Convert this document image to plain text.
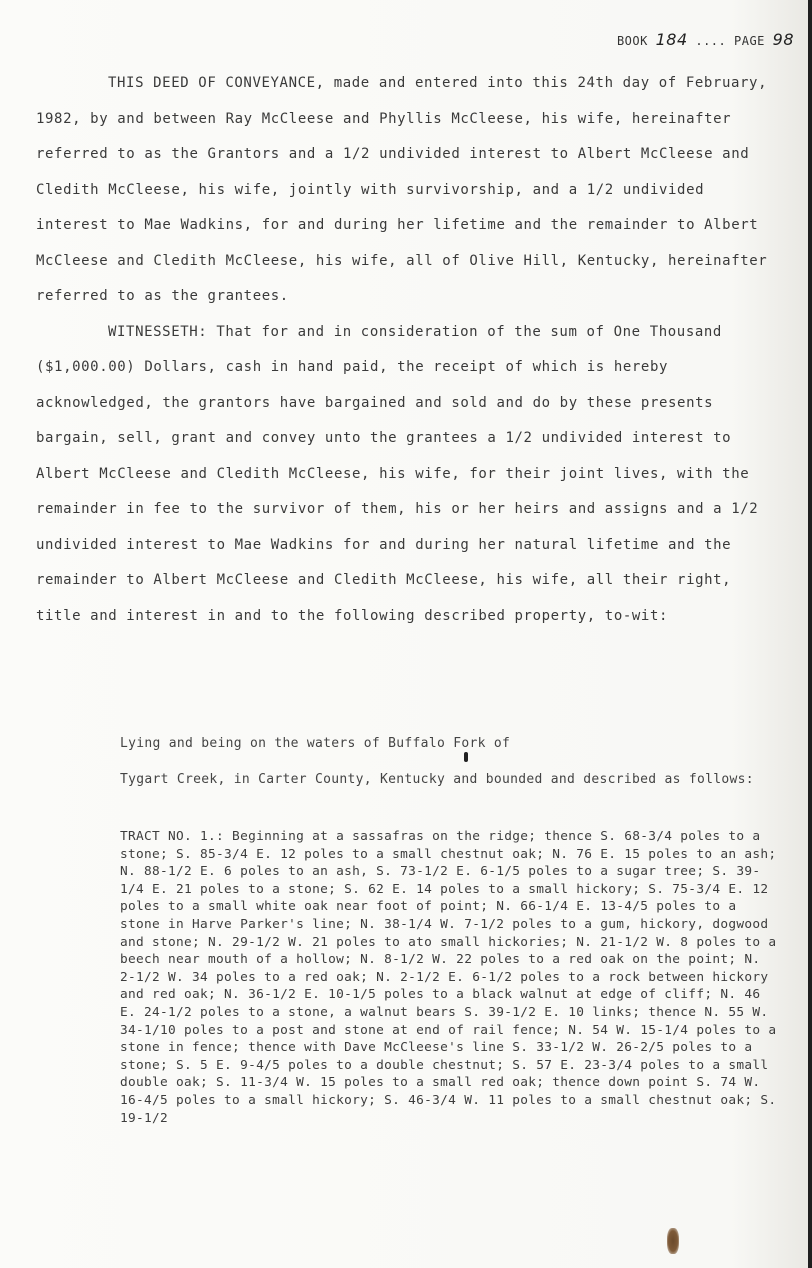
BOOK 184 .... PAGE 98

THIS DEED OF CONVEYANCE, made and entered into this 24th day of February, 1982, by and between Ray McCleese and Phyllis McCleese, his wife, hereinafter referred to as the Grantors and a 1/2 undivided interest to Albert McCleese and Cledith McCleese, his wife, jointly with survivorship, and a 1/2 undivided interest to Mae Wadkins, for and during her lifetime and the remainder to Albert McCleese and Cledith McCleese, his wife, all of Olive Hill, Kentucky, hereinafter referred to as the grantees.

WITNESSETH: That for and in consideration of the sum of One Thousand ($1,000.00) Dollars, cash in hand paid, the receipt of which is hereby acknowledged, the grantors have bargained and sold and do by these presents bargain, sell, grant and convey unto the grantees a 1/2 undivided interest to Albert McCleese and Cledith McCleese, his wife, for their joint lives, with the remainder in fee to the survivor of them, his or her heirs and assigns and a 1/2 undivided interest to Mae Wadkins for and during her natural lifetime and the remainder to Albert McCleese and Cledith McCleese, his wife, all their right, title and interest in and to the following described property, to-wit:

Lying and being on the waters of Buffalo Fork of
Tygart Creek, in Carter County, Kentucky and bounded and described as follows:
TRACT NO. 1.: Beginning at a sassafras on the ridge; thence S. 68-3/4 poles to a stone; S. 85-3/4 E. 12 poles to a small chestnut oak; N. 76 E. 15 poles to an ash; N. 88-1/2 E. 6 poles to an ash, S. 73-1/2 E. 6-1/5 poles to a sugar tree; S. 39-1/4 E. 21 poles to a stone; S. 62 E. 14 poles to a small hickory; S. 75-3/4 E. 12 poles to a small white oak near foot of point; N. 66-1/4 E. 13-4/5 poles to a stone in Harve Parker's line; N. 38-1/4 W. 7-1/2 poles to a gum, hickory, dogwood and stone; N. 29-1/2 W. 21 poles to ato small hickories; N. 21-1/2 W. 8 poles to a beech near mouth of a hollow; N. 8-1/2 W. 22 poles to a red oak on the point; N. 2-1/2 W. 34 poles to a red oak; N. 2-1/2 E. 6-1/2 poles to a rock between hickory and red oak; N. 36-1/2 E. 10-1/5 poles to a black walnut at edge of cliff; N. 46 E. 24-1/2 poles to a stone, a walnut bears S. 39-1/2 E. 10 links; thence N. 55 W. 34-1/10 poles to a post and stone at end of rail fence; N. 54 W. 15-1/4 poles to a stone in fence; thence with Dave McCleese's line S. 33-1/2 W. 26-2/5 poles to a stone; S. 5 E. 9-4/5 poles to a double chestnut; S. 57 E. 23-3/4 poles to a small double oak; S. 11-3/4 W. 15 poles to a small red oak; thence down point S. 74 W. 16-4/5 poles to a small hickory; S. 46-3/4 W. 11 poles to a small chestnut oak; S. 19-1/2
